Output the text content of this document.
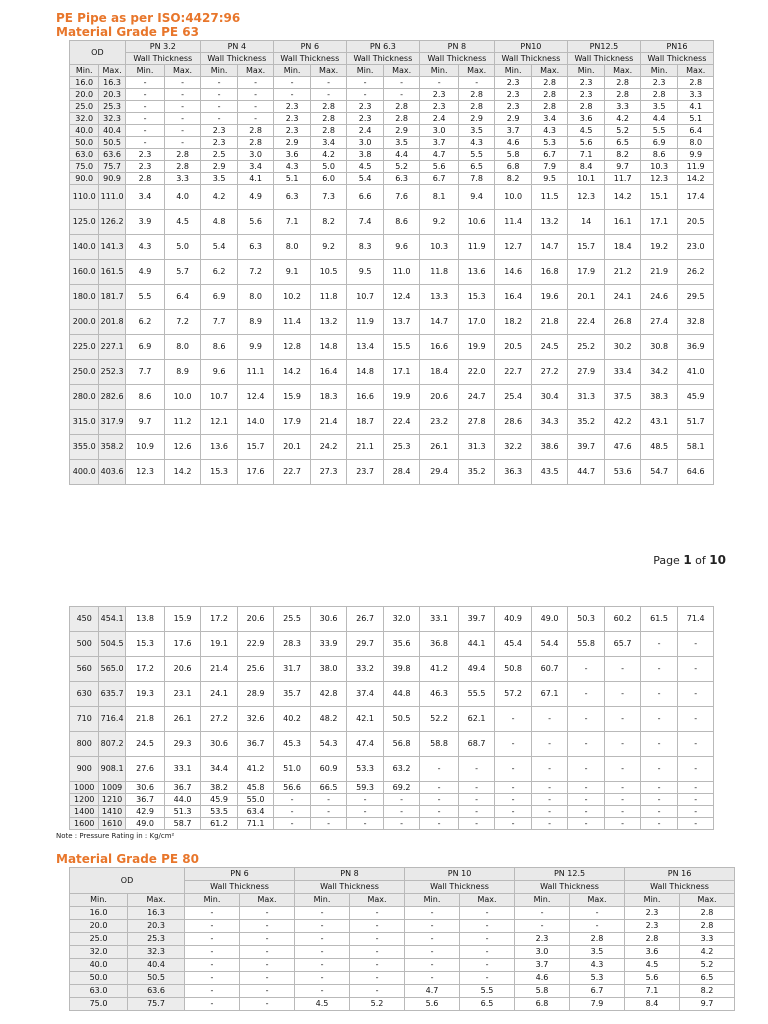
PE Pipe as per ISO:4427:96
Material Grade PE 63
OD		PN 3.2		PN 4		PN 6		PN 6.3		PN 8		PN10		PN12.5		PN16	
		Wall Thickness		Wall Thickness		Wall Thickness		Wall Thickness		Wall Thickness		Wall Thickness		Wall Thickness		Wall Thickness	
Min.	Max.	Min.	Max.	Min.	Max.	Min.	Max.	Min.	Max.	Min.	Max.	Min.	Max.	Min.	Max.	Min.	Max.
16.0	16.3	-	-	-	-	-	-	-	-	-	-	2.3	2.8	2.3	2.8	2.3	2.8
20.0	20.3	-	-	-	-	-	-	-	-	2.3	2.8	2.3	2.8	2.3	2.8	2.8	3.3
25.0	25.3	-	-	-	-	2.3	2.8	2.3	2.8	2.3	2.8	2.3	2.8	2.8	3.3	3.5	4.1
32.0	32.3	-	-	-	-	2.3	2.8	2.3	2.8	2.4	2.9	2.9	3.4	3.6	4.2	4.4	5.1
40.0	40.4	-	-	2.3	2.8	2.3	2.8	2.4	2.9	3.0	3.5	3.7	4.3	4.5	5.2	5.5	6.4
50.0	50.5	-	-	2.3	2.8	2.9	3.4	3.0	3.5	3.7	4.3	4.6	5.3	5.6	6.5	6.9	8.0
63.0	63.6	2.3	2.8	2.5	3.0	3.6	4.2	3.8	4.4	4.7	5.5	5.8	6.7	7.1	8.2	8.6	9.9
75.0	75.7	2.3	2.8	2.9	3.4	4.3	5.0	4.5	5.2	5.6	6.5	6.8	7.9	8.4	9.7	10.3	11.9
90.0	90.9	2.8	3.3	3.5	4.1	5.1	6.0	5.4	6.3	6.7	7.8	8.2	9.5	10.1	11.7	12.3	14.2
110.0	111.0	3.4	4.0	4.2	4.9	6.3	7.3	6.6	7.6	8.1	9.4	10.0	11.5	12.3	14.2	15.1	17.4
125.0	126.2	3.9	4.5	4.8	5.6	7.1	8.2	7.4	8.6	9.2	10.6	11.4	13.2	14	16.1	17.1	20.5
140.0	141.3	4.3	5.0	5.4	6.3	8.0	9.2	8.3	9.6	10.3	11.9	12.7	14.7	15.7	18.4	19.2	23.0
160.0	161.5	4.9	5.7	6.2	7.2	9.1	10.5	9.5	11.0	11.8	13.6	14.6	16.8	17.9	21.2	21.9	26.2
180.0	181.7	5.5	6.4	6.9	8.0	10.2	11.8	10.7	12.4	13.3	15.3	16.4	19.6	20.1	24.1	24.6	29.5
200.0	201.8	6.2	7.2	7.7	8.9	11.4	13.2	11.9	13.7	14.7	17.0	18.2	21.8	22.4	26.8	27.4	32.8
225.0	227.1	6.9	8.0	8.6	9.9	12.8	14.8	13.4	15.5	16.6	19.9	20.5	24.5	25.2	30.2	30.8	36.9
250.0	252.3	7.7	8.9	9.6	11.1	14.2	16.4	14.8	17.1	18.4	22.0	22.7	27.2	27.9	33.4	34.2	41.0
280.0	282.6	8.6	10.0	10.7	12.4	15.9	18.3	16.6	19.9	20.6	24.7	25.4	30.4	31.3	37.5	38.3	45.9
315.0	317.9	9.7	11.2	12.1	14.0	17.9	21.4	18.7	22.4	23.2	27.8	28.6	34.3	35.2	42.2	43.1	51.7
355.0	358.2	10.9	12.6	13.6	15.7	20.1	24.2	21.1	25.3	26.1	31.3	32.2	38.6	39.7	47.6	48.5	58.1
400.0	403.6	12.3	14.2	15.3	17.6	22.7	27.3	23.7	28.4	29.4	35.2	36.3	43.5	44.7	53.6	54.7	64.6
Page 1 of 10
450	454.1	13.8	15.9	17.2	20.6	25.5	30.6	26.7	32.0	33.1	39.7	40.9	49.0	50.3	60.2	61.5	71.4
500	504.5	15.3	17.6	19.1	22.9	28.3	33.9	29.7	35.6	36.8	44.1	45.4	54.4	55.8	65.7	-	-
560	565.0	17.2	20.6	21.4	25.6	31.7	38.0	33.2	39.8	41.2	49.4	50.8	60.7	-	-	-	-
630	635.7	19.3	23.1	24.1	28.9	35.7	42.8	37.4	44.8	46.3	55.5	57.2	67.1	-	-	-	-
710	716.4	21.8	26.1	27.2	32.6	40.2	48.2	42.1	50.5	52.2	62.1	-	-	-	-	-	-
800	807.2	24.5	29.3	30.6	36.7	45.3	54.3	47.4	56.8	58.8	68.7	-	-	-	-	-	-
900	908.1	27.6	33.1	34.4	41.2	51.0	60.9	53.3	63.2	-	-	-	-	-	-	-	-
1000	1009	30.6	36.7	38.2	45.8	56.6	66.5	59.3	69.2	-	-	-	-	-	-	-	-
1200	1210	36.7	44.0	45.9	55.0	-	-	-	-	-	-	-	-	-	-	-	-
1400	1410	42.9	51.3	53.5	63.4	-	-	-	-	-	-	-	-	-	-	-	-
1600	1610	49.0	58.7	61.2	71.1	-	-	-	-	-	-	-	-	-	-	-	-
Note : Pressure Rating in : Kg/cm²
Material Grade PE 80
OD		PN 6		PN 8		PN 10		PN 12.5		PN 16	
		Wall Thickness		Wall Thickness		Wall Thickness		Wall Thickness		Wall Thickness	
Min.	Max.	Min.	Max.	Min.	Max.	Min.	Max.	Min.	Max.	Min.	Max.
16.0	16.3	-	-	-	-	-	-	-	-	2.3	2.8
20.0	20.3	-	-	-	-	-	-	-	-	2.3	2.8
25.0	25.3	-	-	-	-	-	-	2.3	2.8	2.8	3.3
32.0	32.3	-	-	-	-	-	-	3.0	3.5	3.6	4.2
40.0	40.4	-	-	-	-	-	-	3.7	4.3	4.5	5.2
50.0	50.5	-	-	-	-	-	-	4.6	5.3	5.6	6.5
63.0	63.6	-	-	-	-	4.7	5.5	5.8	6.7	7.1	8.2
75.0	75.7	-	-	4.5	5.2	5.6	6.5	6.8	7.9	8.4	9.7
